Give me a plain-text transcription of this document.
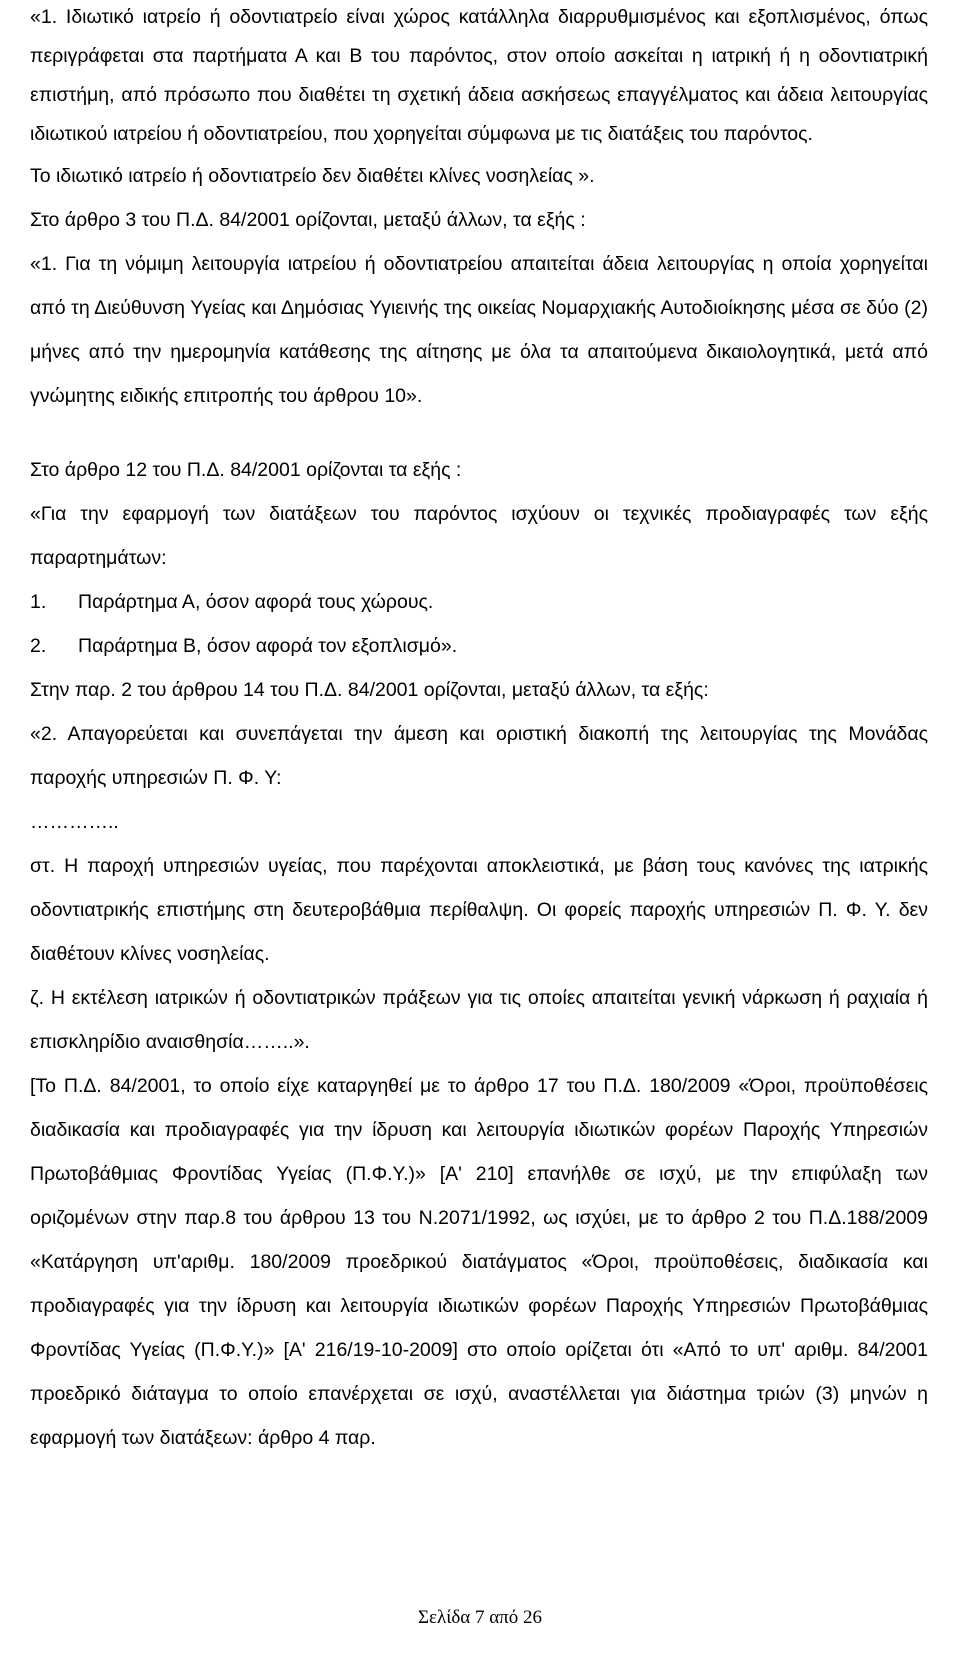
«1. Ιδιωτικό ιατρείο ή οδοντιατρείο είναι χώρος κατάλληλα διαρρυθμισμένος και εξοπλισμένος, όπως περιγράφεται στα παρτήματα Α και Β του παρόντος, στον οποίο ασκείται η ιατρική ή η οδοντιατρική επιστήμη, από πρόσωπο που διαθέτει τη σχετική άδεια ασκήσεως επαγγέλματος και άδεια λειτουργίας ιδιωτικού ιατρείου ή οδοντιατρείου, που χορηγείται σύμφωνα με τις διατάξεις του παρόντος.

Το ιδιωτικό ιατρείο ή οδοντιατρείο δεν διαθέτει κλίνες νοσηλείας ».

Στο άρθρο 3 του Π.Δ. 84/2001 ορίζονται, μεταξύ άλλων, τα εξής :

«1. Για τη νόμιμη λειτουργία ιατρείου ή οδοντιατρείου απαιτείται άδεια λειτουργίας η οποία χορηγείται από τη Διεύθυνση Υγείας και Δημόσιας Υγιεινής της οικείας Νομαρχιακής Αυτοδιοίκησης μέσα σε δύο (2) μήνες από την ημερομηνία κατάθεσης της αίτησης με όλα τα απαιτούμενα δικαιολογητικά, μετά από γνώμητης ειδικής επιτροπής του άρθρου 10».

Στο άρθρο 12 του Π.Δ. 84/2001 ορίζονται τα εξής :

«Για την εφαρμογή των διατάξεων του παρόντος ισχύουν οι τεχνικές προδιαγραφές των εξής παραρτημάτων:

1.	Παράρτημα Α, όσον αφορά τους χώρους.
2.	Παράρτημα Β, όσον αφορά τον εξοπλισμό».

Στην παρ. 2 του άρθρου 14 του Π.Δ. 84/2001 ορίζονται, μεταξύ άλλων, τα εξής:

«2. Απαγορεύεται και συνεπάγεται την άμεση και οριστική διακοπή της λειτουργίας της Μονάδας παροχής υπηρεσιών Π. Φ. Υ:

…………..

στ. Η παροχή υπηρεσιών υγείας, που παρέχονται αποκλειστικά, με βάση τους κανόνες της ιατρικής οδοντιατρικής επιστήμης στη δευτεροβάθμια περίθαλψη. Οι φορείς παροχής υπηρεσιών Π. Φ. Υ. δεν διαθέτουν κλίνες νοσηλείας.

ζ. Η εκτέλεση ιατρικών ή οδοντιατρικών πράξεων για τις οποίες απαιτείται γενική νάρκωση ή ραχιαία ή επισκληρίδιο αναισθησία……..».

[Το Π.Δ. 84/2001, το οποίο είχε καταργηθεί με το άρθρο 17 του Π.Δ. 180/2009 «Όροι, προϋποθέσεις διαδικασία και προδιαγραφές για την ίδρυση και λειτουργία ιδιωτικών φορέων Παροχής Υπηρεσιών Πρωτοβάθμιας Φροντίδας Υγείας (Π.Φ.Υ.)» [Α' 210] επανήλθε σε ισχύ, με την επιφύλαξη των οριζομένων στην παρ.8 του άρθρου 13 του Ν.2071/1992, ως ισχύει, με το άρθρο 2 του Π.Δ.188/2009 «Κατάργηση υπ'αριθμ. 180/2009 προεδρικού διατάγματος «Όροι, προϋποθέσεις, διαδικασία και προδιαγραφές για την ίδρυση και λειτουργία ιδιωτικών φορέων Παροχής Υπηρεσιών Πρωτοβάθμιας Φροντίδας Υγείας (Π.Φ.Υ.)» [Α' 216/19-10-2009] στο οποίο ορίζεται ότι «Από το υπ' αριθμ. 84/2001 προεδρικό διάταγμα το οποίο επανέρχεται σε ισχύ, αναστέλλεται για διάστημα τριών (3) μηνών η εφαρμογή των διατάξεων: άρθρο 4 παρ.

Σελίδα 7 από 26
